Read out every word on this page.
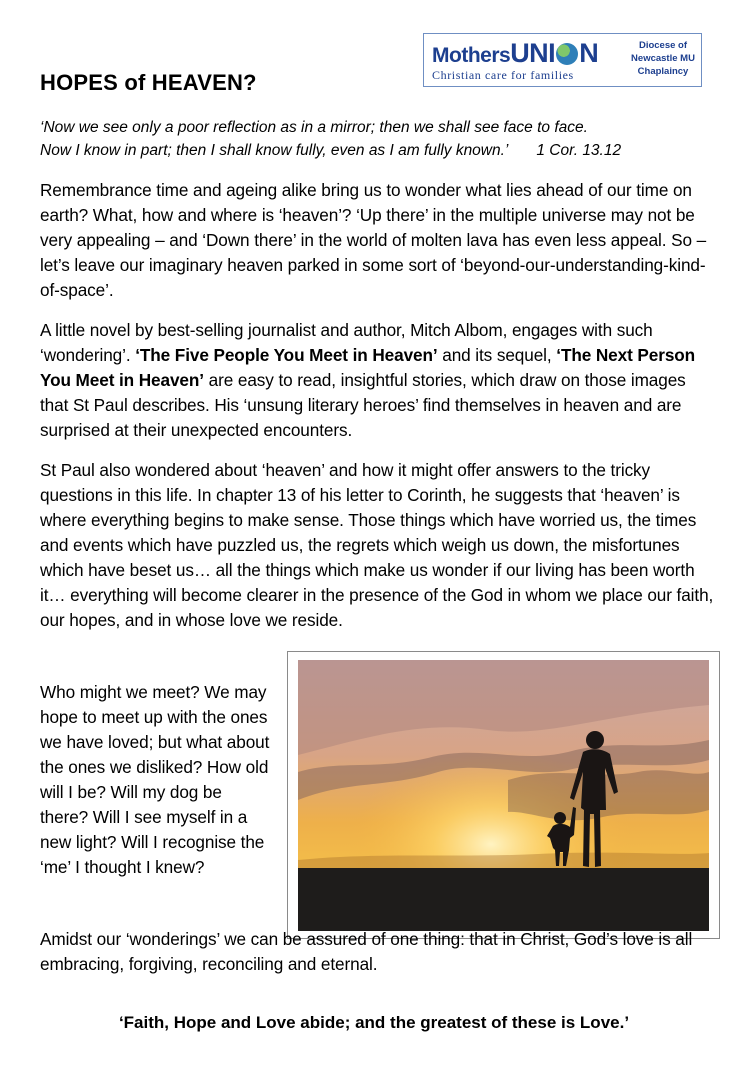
MothersUNI N
Christian care for families
Diocese of
Newcastle MU
Chaplaincy
HOPES of HEAVEN?

‘Now we see only a poor reflection as in a mirror; then we shall see face to face.
Now I know in part; then I shall know fully, even as I am fully known.’ 1 Cor. 13.12

Remembrance time and ageing alike bring us to wonder what lies ahead of our time on earth? What, how and where is ‘heaven’? ‘Up there’ in the multiple universe may not be very appealing – and ‘Down there’ in the world of molten lava has even less appeal. So – let’s leave our imaginary heaven parked in some sort of ‘beyond-our-understanding-kind-of-space’.

A little novel by best-selling journalist and author, Mitch Albom, engages with such ‘wondering’. ‘The Five People You Meet in Heaven’ and its sequel, ‘The Next Person You Meet in Heaven’ are easy to read, insightful stories, which draw on those images that St Paul describes. His ‘unsung literary heroes’ find themselves in heaven and are surprised at their unexpected encounters.

St Paul also wondered about ‘heaven’ and how it might offer answers to the tricky questions in this life. In chapter 13 of his letter to Corinth, he suggests that ‘heaven’ is where everything begins to make sense. Those things which have worried us, the times and events which have puzzled us, the regrets which weigh us down, the misfortunes which have beset us… all the things which make us wonder if our living has been worth it… everything will become clearer in the presence of the God in whom we place our faith, our hopes, and in whose love we reside.

Who might we meet? We may hope to meet up with the ones we have loved; but what about the ones we disliked? How old will I be? Will my dog be there? Will I see myself in a new light? Will I recognise the ‘me’ I thought I knew?

Amidst our ‘wonderings’ we can be assured of one thing: that in Christ, God’s love is all embracing, forgiving, reconciling and eternal.

‘Faith, Hope and Love abide; and the greatest of these is Love.’
